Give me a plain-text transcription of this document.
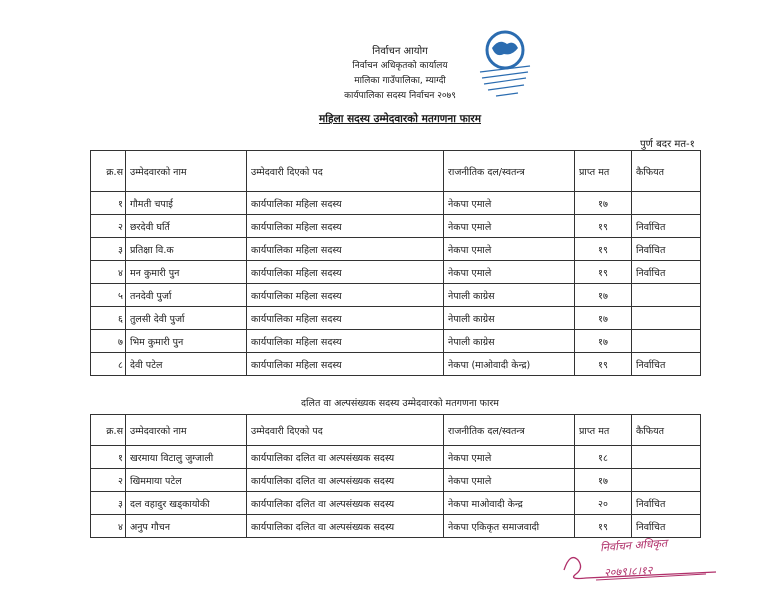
निर्वाचन आयोग
निर्वाचन अधिकृतको कार्यालय
मालिका गाउँपालिका, म्याग्दी
कार्यपालिका सदस्य निर्वाचन २०७९
महिला सदस्य उम्मेदवारको मतगणना फारम
पुर्ण बदर मत-१
क्र.स	उम्मेदवारको नाम	उम्मेदवारी दिएको पद	राजनीतिक दल/स्वतन्त्र	प्राप्त मत	कैफियत
१	गौमती चपाई	कार्यपालिका महिला सदस्य	नेकपा एमाले	१७	
२	छरदेवी घर्ति	कार्यपालिका महिला सदस्य	नेकपा एमाले	१९	निर्वाचित
३	प्रतिक्षा वि.क	कार्यपालिका महिला सदस्य	नेकपा एमाले	१९	निर्वाचित
४	मन कुमारी पुन	कार्यपालिका महिला सदस्य	नेकपा एमाले	१९	निर्वाचित
५	तनदेवी पुर्जा	कार्यपालिका महिला सदस्य	नेपाली काग्रेस	१७	
६	तुलसी देवी पुर्जा	कार्यपालिका महिला सदस्य	नेपाली काग्रेस	१७	
७	भिम कुमारी पुन	कार्यपालिका महिला सदस्य	नेपाली काग्रेस	१७	
८	देवी पटेल	कार्यपालिका महिला सदस्य	नेकपा (माओवादी केन्द्र)	१९	निर्वाचित
दलित वा अल्पसंख्यक सदस्य उम्मेदवारको मतगणना फारम
क्र.स	उम्मेदवारको नाम	उम्मेदवारी दिएको पद	राजनीतिक दल/स्वतन्त्र	प्राप्त मत	कैफियत
१	खरमाया विटालु जुग्जाली	कार्यपालिका दलित वा अल्पसंख्यक सदस्य	नेकपा एमाले	१८	
२	खिममाया पटेल	कार्यपालिका दलित वा अल्पसंख्यक सदस्य	नेकपा एमाले	१७	
३	दल वहादुर खड्कायोकी	कार्यपालिका दलित वा अल्पसंख्यक सदस्य	नेकपा माओवादी केन्द्र	२०	निर्वाचित
४	अनुप गौचन	कार्यपालिका दलित वा अल्पसंख्यक सदस्य	नेकपा एकिकृत समाजवादी	१९	निर्वाचित
निर्वाचन अधिकृत
२०७९।८।१२
